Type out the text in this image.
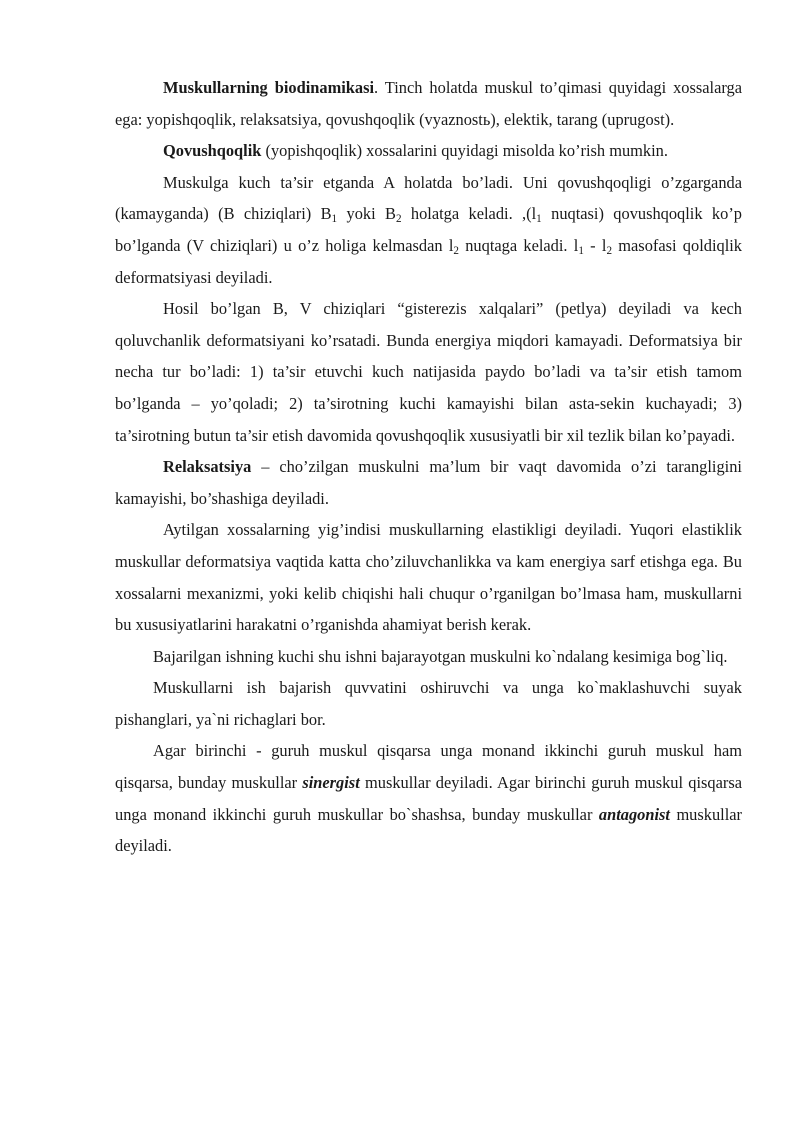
Muskullarning biodinamikasi. Tinch holatda muskul to’qimasi quyidagi xossalarga ega: yopishqoqlik, relaksatsiya, qovushqoqlik (vyaznostь), elektik, tarang (uprugost).

Qovushqoqlik (yopishqoqlik) xossalarini quyidagi misolda ko’rish mumkin.

Muskulga kuch ta’sir etganda A holatda bo’ladi. Uni qovushqoqligi o’zgarganda (kamayganda) (B chiziqlari) $B_1$ yoki $B_2$ holatga keladi. $,(l_1$ nuqtasi) qovushqoqlik ko’p bo’lganda (V chiziqlari) u o’z holiga kelmasdan $l_2$ nuqtaga keladi. $l_1 - l_2$ masofasi qoldiqlik deformatsiyasi deyiladi.

Hosil bo’lgan B, V chiziqlari “gisterezis xalqalari” (petlya) deyiladi va kech qoluvchanlik deformatsiyani ko’rsatadi. Bunda energiya miqdori kamayadi. Deformatsiya bir necha tur bo’ladi: 1) ta’sir etuvchi kuch natijasida paydo bo’ladi va ta’sir etish tamom bo’lganda – yo’qoladi; 2) ta’sirotning kuchi kamayishi bilan asta-sekin kuchayadi; 3) ta’sirotning butun ta’sir etish davomida qovushqoqlik xususiyatli bir xil tezlik bilan ko’payadi.

Relaksatsiya – cho’zilgan muskulni ma’lum bir vaqt davomida o’zi tarangligini kamayishi, bo’shashiga deyiladi.

Aytilgan xossalarning yig’indisi muskullarning elastikligi deyiladi. Yuqori elastiklik muskullar deformatsiya vaqtida katta cho’ziluvchanlikka va kam energiya sarf etishga ega. Bu xossalarni mexanizmi, yoki kelib chiqishi hali chuqur o’rganilgan bo’lmasa ham, muskullarni bu xususiyatlarini harakatni o’rganishda ahamiyat berish kerak.

Bajarilgan ishning kuchi shu ishni bajarayotgan muskulni ko`ndalang kesimiga bog`liq.

Muskullarni ish bajarish quvvatini oshiruvchi va unga ko`maklashuvchi suyak pishanglari, ya`ni richaglari bor.

Agar birinchi - guruh muskul qisqarsa unga monand ikkinchi guruh muskul ham qisqarsa, bunday muskullar sinergist muskullar deyiladi. Agar birinchi guruh muskul qisqarsa unga monand ikkinchi guruh muskullar bo`shashsa, bunday muskullar antagonist muskullar deyiladi.
